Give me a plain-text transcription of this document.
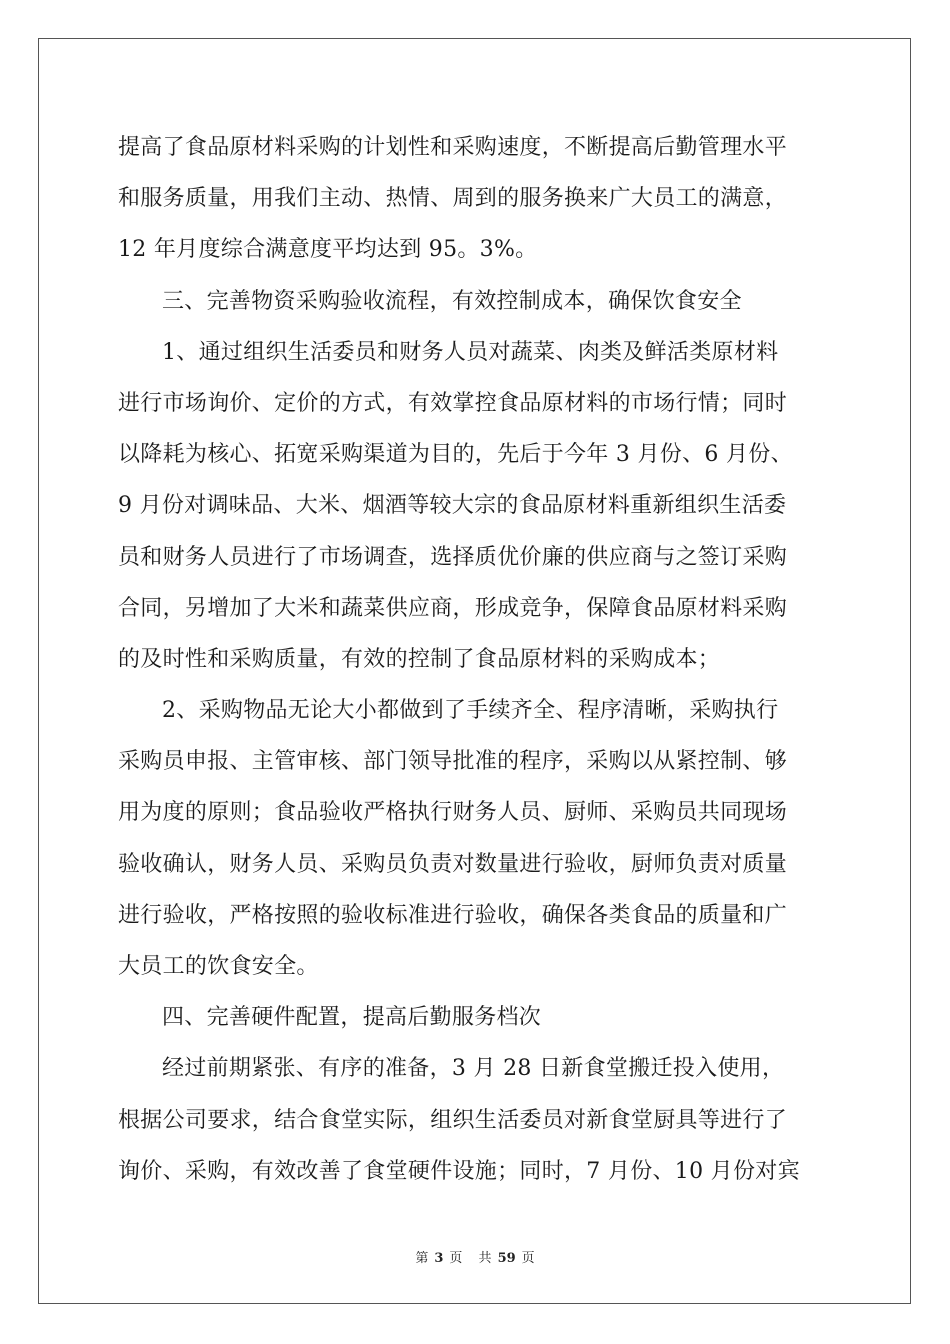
提高了食品原材料采购的计划性和采购速度，不断提高后勤管理水平
和服务质量，用我们主动、热情、周到的服务换来广大员工的满意，
12 年月度综合满意度平均达到 95。3%。
三、完善物资采购验收流程，有效控制成本，确保饮食安全
1、通过组织生活委员和财务人员对蔬菜、肉类及鲜活类原材料
进行市场询价、定价的方式，有效掌控食品原材料的市场行情；同时
以降耗为核心、拓宽采购渠道为目的，先后于今年 3 月份、6 月份、
9 月份对调味品、大米、烟酒等较大宗的食品原材料重新组织生活委
员和财务人员进行了市场调查，选择质优价廉的供应商与之签订采购
合同，另增加了大米和蔬菜供应商，形成竞争，保障食品原材料采购
的及时性和采购质量，有效的控制了食品原材料的采购成本；
2、采购物品无论大小都做到了手续齐全、程序清晰，采购执行
采购员申报、主管审核、部门领导批准的程序，采购以从紧控制、够
用为度的原则；食品验收严格执行财务人员、厨师、采购员共同现场
验收确认，财务人员、采购员负责对数量进行验收，厨师负责对质量
进行验收，严格按照的验收标准进行验收，确保各类食品的质量和广
大员工的饮食安全。
四、完善硬件配置，提高后勤服务档次
经过前期紧张、有序的准备，3 月 28 日新食堂搬迁投入使用，
根据公司要求，结合食堂实际，组织生活委员对新食堂厨具等进行了
询价、采购，有效改善了食堂硬件设施；同时，7 月份、10 月份对宾
第 3 页 共 59 页
